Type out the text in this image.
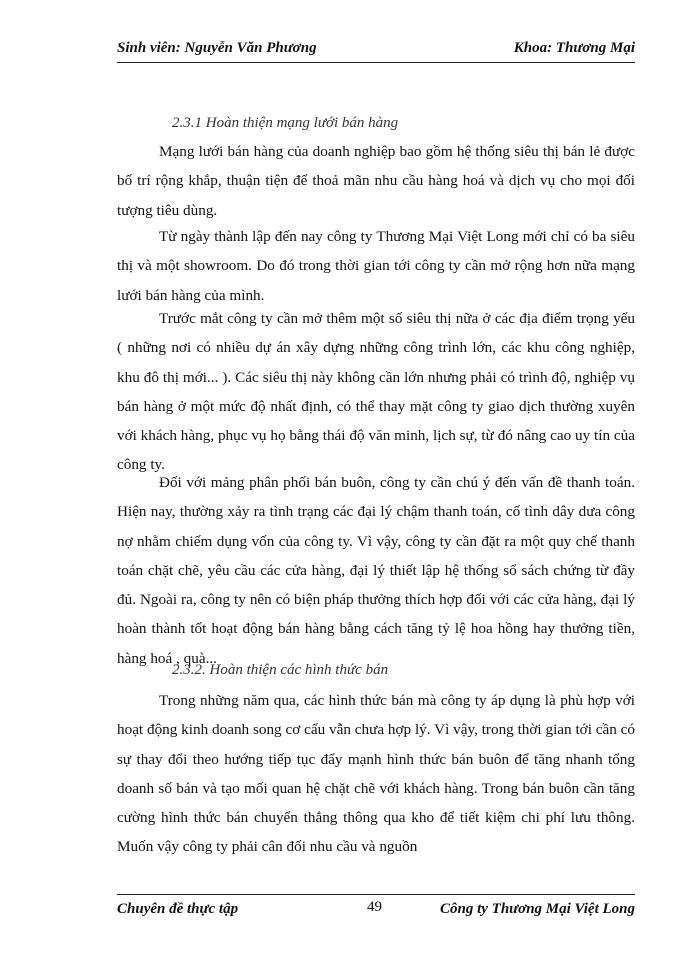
Sinh viên: Nguyễn Văn Phương	Khoa: Thương Mại
2.3.1 Hoàn thiện mạng lưới bán hàng

Mạng lưới bán hàng của doanh nghiệp bao gồm hệ thống siêu thị bán lẻ được bố trí rộng khắp, thuận tiện để thoả mãn nhu cầu hàng hoá và dịch vụ cho mọi đối tượng tiêu dùng.

Từ ngày thành lập đến nay công ty Thương Mại Việt Long mới chỉ có ba siêu thị và một showroom. Do đó trong thời gian tới công ty cần mở rộng hơn nữa mạng lưới bán hàng của mình.

Trước mắt công ty cần mở thêm một số siêu thị nữa ở các địa điểm trọng yếu ( những nơi có nhiều dự án xây dựng những công trình lớn, các khu công nghiệp, khu đô thị mới... ). Các siêu thị này không cần lớn nhưng phải có trình độ, nghiệp vụ bán hàng ở một mức độ nhất định, có thể thay mặt công ty giao dịch thường xuyên với khách hàng, phục vụ họ bằng thái độ văn minh, lịch sự, từ đó nâng cao uy tín của công ty.

Đối với mảng phân phối bán buôn, công ty cần chú ý đến vấn đề thanh toán. Hiện nay, thường xảy ra tình trạng các đại lý chậm thanh toán, cố tình dây dưa công nợ nhằm chiếm dụng vốn của công ty. Vì vậy, công ty cần đặt ra một quy chế thanh toán chặt chẽ, yêu cầu các cửa hàng, đại lý thiết lập hệ thống sổ sách chứng từ đầy đủ. Ngoài ra, công ty nên có biện pháp thưởng thích hợp đối với các cửa hàng, đại lý hoàn thành tốt hoạt động bán hàng bằng cách tăng tỷ lệ hoa hồng hay thưởng tiền, hàng hoá , quà...

2.3.2. Hoàn thiện các hình thức bán

Trong những năm qua, các hình thức bán mà công ty áp dụng là phù hợp với hoạt động kinh doanh song cơ cấu vẫn chưa hợp lý. Vì vậy, trong thời gian tới cần có sự thay đổi theo hướng tiếp tục đẩy mạnh hình thức bán buôn để tăng nhanh tổng doanh số bán và tạo mối quan hệ chặt chẽ với khách hàng. Trong bán buôn cần tăng cường hình thức bán chuyển thẳng thông qua kho để tiết kiệm chi phí lưu thông. Muốn vậy công ty phải cân đối nhu cầu và nguồn

Chuyên đề thực tập	49	Công ty Thương Mại Việt Long
